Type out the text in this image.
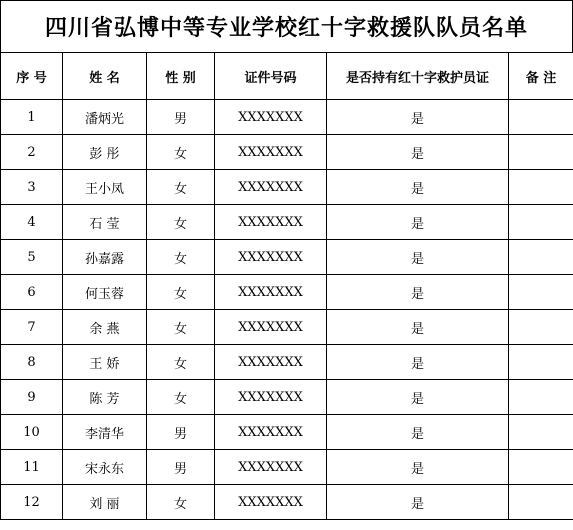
四川省弘博中等专业学校红十字救援队队员名单
序 号	姓 名	性 别	证件号码	是否持有红十字救护员证	备 注
1	潘炳光	男	XXXXXXX	是	
2	彭 彤	女	XXXXXXX	是	
3	王小凤	女	XXXXXXX	是	
4	石 莹	女	XXXXXXX	是	
5	孙嘉露	女	XXXXXXX	是	
6	何玉蓉	女	XXXXXXX	是	
7	余 燕	女	XXXXXXX	是	
8	王 娇	女	XXXXXXX	是	
9	陈 芳	女	XXXXXXX	是	
10	李清华	男	XXXXXXX	是	
11	宋永东	男	XXXXXXX	是	
12	刘 丽	女	XXXXXXX	是	
